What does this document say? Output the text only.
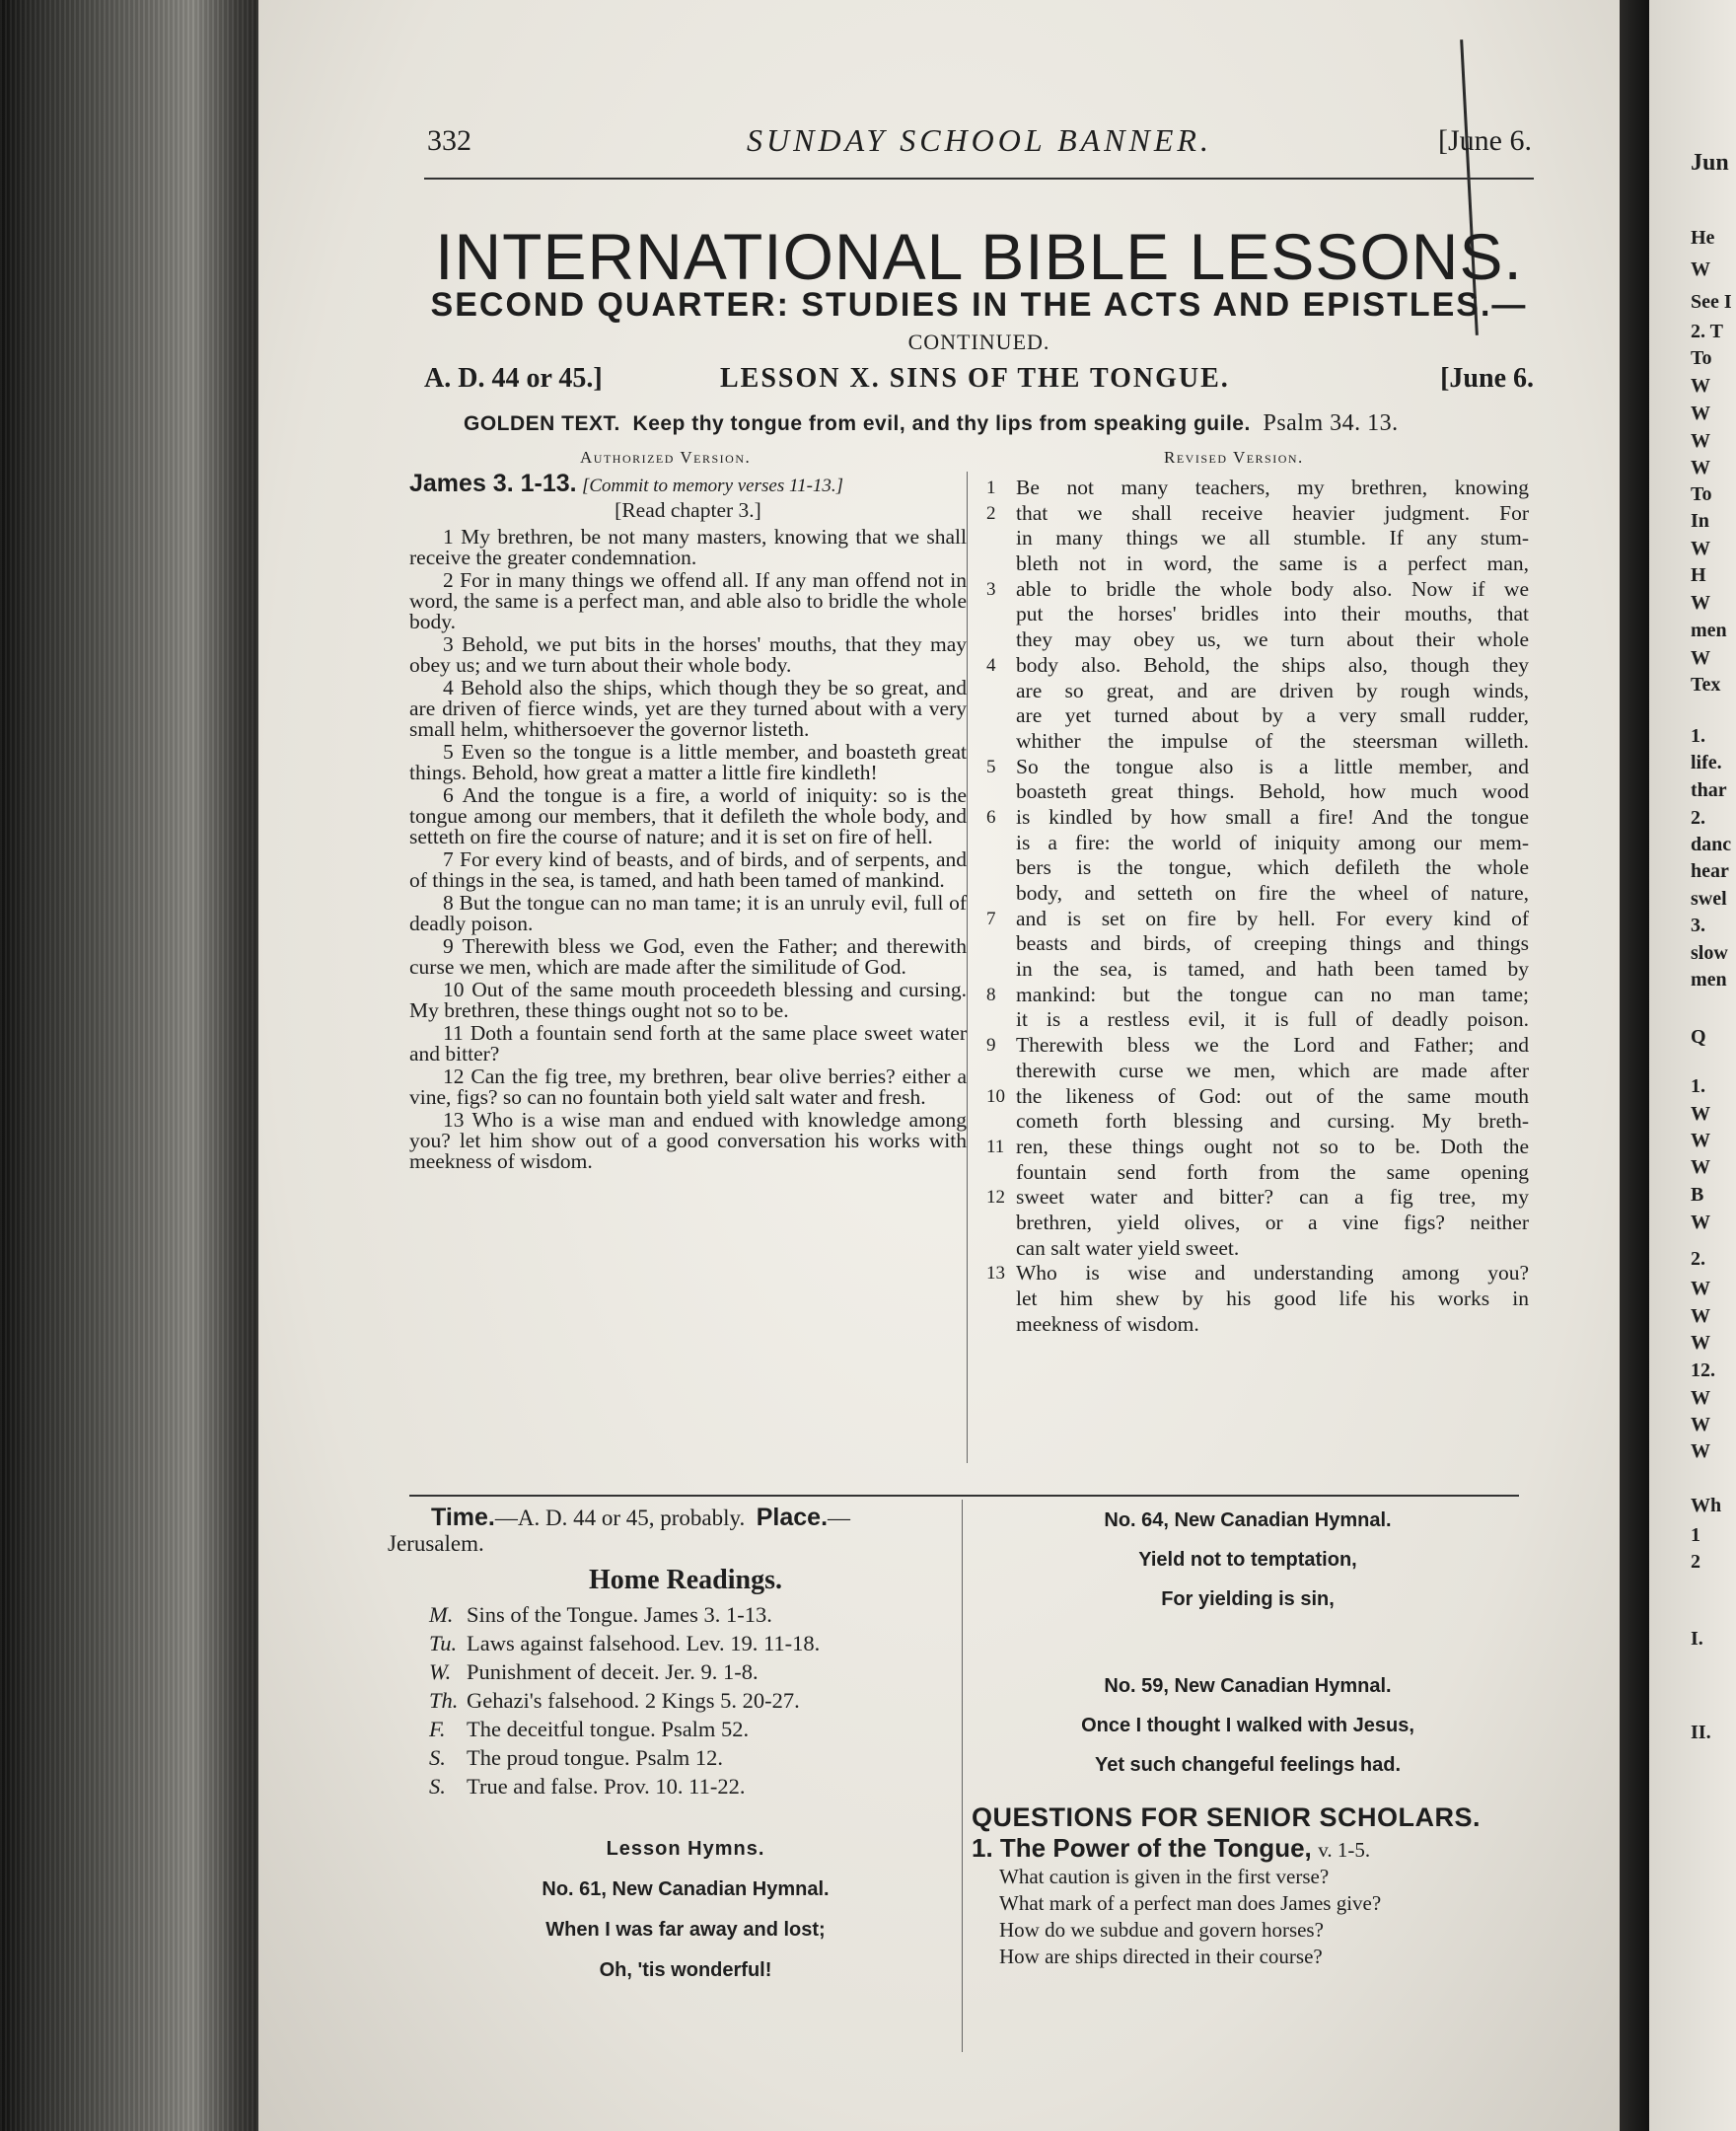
332	SUNDAY SCHOOL BANNER.	[June 6.
INTERNATIONAL BIBLE LESSONS.
SECOND QUARTER: STUDIES IN THE ACTS AND EPISTLES.—
CONTINUED.
A. D. 44 or 45.]	LESSON X. SINS OF THE TONGUE.	[June 6.
GOLDEN TEXT. Keep thy tongue from evil, and thy lips from speaking guile. Psalm 34. 13.
Authorized Version.	Revised Version.

James 3. 1-13. [Commit to memory verses 11-13.]

[Read chapter 3.]

1 My brethren, be not many masters, knowing that we shall receive the greater condemnation.

2 For in many things we offend all. If any man offend not in word, the same is a perfect man, and able also to bridle the whole body.

3 Behold, we put bits in the horses' mouths, that they may obey us; and we turn about their whole body.

4 Behold also the ships, which though they be so great, and are driven of fierce winds, yet are they turned about with a very small helm, whithersoever the governor listeth.

5 Even so the tongue is a little member, and boasteth great things. Behold, how great a matter a little fire kindleth!

6 And the tongue is a fire, a world of iniquity: so is the tongue among our members, that it defileth the whole body, and setteth on fire the course of nature; and it is set on fire of hell.

7 For every kind of beasts, and of birds, and of serpents, and of things in the sea, is tamed, and hath been tamed of mankind.

8 But the tongue can no man tame; it is an unruly evil, full of deadly poison.

9 Therewith bless we God, even the Father; and therewith curse we men, which are made after the similitude of God.

10 Out of the same mouth proceedeth blessing and cursing. My brethren, these things ought not so to be.

11 Doth a fountain send forth at the same place sweet water and bitter?

12 Can the fig tree, my brethren, bear olive berries? either a vine, figs? so can no fountain both yield salt water and fresh.

13 Who is a wise man and endued with knowledge among you? let him show out of a good conversation his works with meekness of wisdom.

1 Be not many teachers, my brethren, knowing
2 that we shall receive heavier judgment. For
in many things we all stumble. If any stum-
bleth not in word, the same is a perfect man,
3 able to bridle the whole body also. Now if we
put the horses' bridles into their mouths, that
they may obey us, we turn about their whole
4 body also. Behold, the ships also, though they
are so great, and are driven by rough winds,
are yet turned about by a very small rudder,
whither the impulse of the steersman willeth.
5 So the tongue also is a little member, and
boasteth great things. Behold, how much wood
6 is kindled by how small a fire! And the tongue
is a fire: the world of iniquity among our mem-
bers is the tongue, which defileth the whole
body, and setteth on fire the wheel of nature,
7 and is set on fire by hell. For every kind of
beasts and birds, of creeping things and things
in the sea, is tamed, and hath been tamed by
8 mankind: but the tongue can no man tame;
it is a restless evil, it is full of deadly poison.
9 Therewith bless we the Lord and Father; and
therewith curse we men, which are made after
10 the likeness of God: out of the same mouth
cometh forth blessing and cursing. My breth-
11 ren, these things ought not so to be. Doth the
fountain send forth from the same opening
12 sweet water and bitter? can a fig tree, my
brethren, yield olives, or a vine figs? neither
can salt water yield sweet.
13 Who is wise and understanding among you?
let him shew by his good life his works in
meekness of wisdom.
Time.—A. D. 44 or 45, probably. Place.—
Jerusalem.
Home Readings.
M. Sins of the Tongue. James 3. 1-13.
Tu. Laws against falsehood. Lev. 19. 11-18.
W. Punishment of deceit. Jer. 9. 1-8.
Th. Gehazi's falsehood. 2 Kings 5. 20-27.
F. The deceitful tongue. Psalm 52.
S. The proud tongue. Psalm 12.
S. True and false. Prov. 10. 11-22.
Lesson Hymns.
No. 61, New Canadian Hymnal.
When I was far away and lost;
Oh, 'tis wonderful!
No. 64, New Canadian Hymnal.
Yield not to temptation,
For yielding is sin,
No. 59, New Canadian Hymnal.
Once I thought I walked with Jesus,
Yet such changeful feelings had.
QUESTIONS FOR SENIOR SCHOLARS.
1. The Power of the Tongue, v. 1-5.
What caution is given in the first verse?
What mark of a perfect man does James give?
How do we subdue and govern horses?
How are ships directed in their course?
Jun
He
W
See I
2. T
To
W
W
W
W
To
In
W
H
W
men
W
Tex
1.
life.
thar
2.
danc
hear
swel
3.
slow
men
Q
1.
W
W
W
B
W
2.
W
W
W
12.
W
W
W
Wh
1
2
I.
II.
